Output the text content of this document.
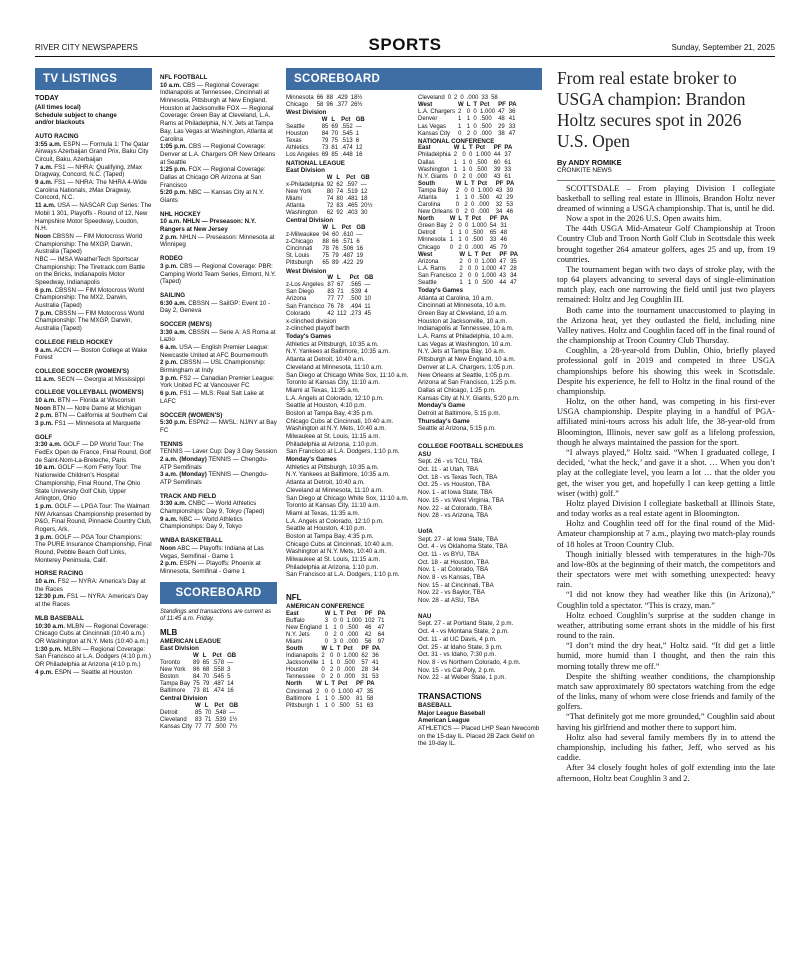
RIVER CITY NEWSPAPERS	SPORTS	Sunday, September 21, 2025
TV LISTINGS
TODAY
(All times local)
Schedule subject to change
and/or blackouts
AUTO RACING

3:55 a.m. ESPN — Formula 1: The Qatar Airways Azerbaijan Grand Prix, Baku City Circuit, Baku, Azerbaijan

7 a.m. FS1 — NHRA: Qualifying, zMax Dragway, Concord, N.C. (Taped)

9 a.m. FS1 — NHRA: The NHRA 4-Wide Carolina Nationals, zMax Dragway, Concord, N.C.

11 a.m. USA — NASCAR Cup Series: The Mobil 1 301, Playoffs - Round of 12, New Hampshire Motor Speedway, Loudon, N.H.

Noon CBSSN — FIM Motocross World Championship: The MXGP, Darwin, Australia (Taped)

NBC — IMSA WeatherTech Sportscar Championship: The Tiretrack.com Battle on the Bricks, Indianapolis Motor Speedway, Indianapolis

6 p.m. CBSSN — FIM Motocross World Championship: The MX2, Darwin, Australia (Taped)

7 p.m. CBSSN — FIM Motocross World Championship: The MXGP, Darwin, Australia (Taped)

COLLEGE FIELD HOCKEY

9 a.m. ACCN — Boston College at Wake Forest

COLLEGE SOCCER (WOMEN'S)

11 a.m. SECN — Georgia at Mississippi

COLLEGE VOLLEYBALL (WOMEN'S)

10 a.m. BTN — Florida at Wisconsin

Noon BTN — Notre Dame at Michigan

2 p.m. BTN — California at Southern Cal

3 p.m. FS1 — Minnesota at Marquette

GOLF

3:30 a.m. GOLF — DP World Tour: The FedEx Open de France, Final Round, Golf de Saint-Nom-La-Breteche, Paris

10 a.m. GOLF — Korn Ferry Tour: The Nationwide Children's Hospital Championship, Final Round, The Ohio State University Golf Club, Upper Arlington, Ohio

1 p.m. GOLF — LPGA Tour: The Walmart NW Arkansas Championship presented by P&G, Final Round, Pinnacle Country Club, Rogers, Ark.

3 p.m. GOLF — PGA Tour Champions: The PURE Insurance Championship, Final Round, Pebble Beach Golf Links, Monterey Peninsula, Calif.

HORSE RACING

10 a.m. FS2 — NYRA: America's Day at the Races

12:30 p.m. FS1 — NYRA: America's Day at the Races

MLB BASEBALL

10:30 a.m. MLBN — Regional Coverage: Chicago Cubs at Cincinnati (10:40 a.m.) OR Washington at N.Y. Mets (10:40 a.m.)

1:30 p.m. MLBN — Regional Coverage: San Francisco at L.A. Dodgers (4:10 p.m.) OR Philadelphia at Arizona (4:10 p.m.)

4 p.m. ESPN — Seattle at Houston

NFL FOOTBALL

10 a.m. CBS — Regional Coverage: Indianapolis at Tennessee, Cincinnati at Minnesota, Pittsburgh at New England, Houston at Jacksonville FOX — Regional Coverage: Green Bay at Cleveland, L.A. Rams at Philadelphia, N.Y. Jets at Tampa Bay, Las Vegas at Washington, Atlanta at Carolina

1:05 p.m. CBS — Regional Coverage: Denver at L.A. Chargers OR New Orleans at Seattle

1:25 p.m. FOX — Regional Coverage: Dallas at Chicago OR Arizona at San Francisco

5:20 p.m. NBC — Kansas City at N.Y. Giants

NHL HOCKEY

10 a.m. NHLN — Preseason: N.Y. Rangers at New Jersey

2 p.m. NHLN — Preseason: Minnesota at Winnipeg

RODEO

3 p.m. CBS — Regional Coverage: PBR: Camping World Team Series, Elmont, N.Y. (Taped)

SAILING

6:30 a.m. CBSSN — SailGP: Event 10 - Day 2, Geneva

SOCCER (MEN'S)

3:30 a.m. CBSSN — Serie A: AS Roma at Lazio

6 a.m. USA — English Premier League: Newcastle United at AFC Bournemouth

2 p.m. CBSSN — USL Championship: Birmingham at Indy

3 p.m. FS2 — Canadian Premier League: York United FC at Vancouver FC

6 p.m. FS1 — MLS: Real Salt Lake at LAFC

SOCCER (WOMEN'S)

5:30 p.m. ESPN2 — NWSL: NJ/NY at Bay FC

TENNIS

TENNIS — Laver Cup: Day 3 Day Session

2 a.m. (Monday) TENNIS — Chengdu- ATP Semifinals

3 a.m. (Monday) TENNIS — Chengdu- ATP Semifinals

TRACK AND FIELD

3:30 a.m. CNBC — World Athletics Championships: Day 9, Tokyo (Taped)

9 a.m. NBC — World Athletics Championships: Day 9, Tokyo

WNBA BASKETBALL

Noon ABC — Playoffs: Indiana at Las Vegas, Semifinal - Game 1

2 p.m. ESPN — Playoffs: Phoenix at Minnesota, Semifinal - Game 1

SCOREBOARD
Standings and transactions are current as of 11:45 a.m. Friday.
MLB
AMERICAN LEAGUE
East Division
	W	L	Pct	GB
Toronto	89	65	.578	—
New York	86	68	.558	3
Boston	84	70	.545	5
Tampa Bay	75	79	.487	14
Baltimore	73	81	.474	16
Central Division
	W	L	Pct	GB
Detroit	85	70	.548	—
Cleveland	83	71	.539	1½
Kansas City	77	77	.500	7½
SCOREBOARD
Minnesota	66	88	.429	18½
Chicago	58	96	.377	26½
West Division
	W	L	Pct	GB
Seattle	85	69	.552	—
Houston	84	70	.545	1
Texas	79	75	.513	6
Athletics	73	81	.474	12
Los Angeles	69	85	.448	16
NATIONAL LEAGUE
East Division
	W	L	Pct	GB
x-Philadelphia	92	62	.597	—
New York	80	74	.519	12
Miami	74	80	.481	18
Atlanta	72	83	.465	20½
Washington	62	92	.403	30
Central Division
	W	L	Pct	GB
z-Milwaukee	94	60	.610	—
z-Chicago	88	66	.571	6
Cincinnati	78	76	.506	16
St. Louis	75	79	.487	19
Pittsburgh	65	89	.422	29
West Division
	W	L	Pct	GB
z-Los Angeles	87	67	.565	—
San Diego	83	71	.539	4
Arizona	77	77	.500	10
San Francisco	76	78	.494	11
Colorado	42	112	.273	45
x-clinched division
z-clinched playoff berth
Today's Games
Athletics at Pittsburgh, 10:35 a.m.
N.Y. Yankees at Baltimore, 10:35 a.m.
Atlanta at Detroit, 10:40 a.m.
Cleveland at Minnesota, 11:10 a.m.
San Diego at Chicago White Sox, 11:10 a.m.
Toronto at Kansas City, 11:10 a.m.
Miami at Texas, 11:35 a.m.
L.A. Angels at Colorado, 12:10 p.m.
Seattle at Houston, 4:10 p.m.
Boston at Tampa Bay, 4:35 p.m.
Chicago Cubs at Cincinnati, 10:40 a.m.
Washington at N.Y. Mets, 10:40 a.m.
Milwaukee at St. Louis, 11:15 a.m.
Philadelphia at Arizona, 1:10 p.m.
San Francisco at L.A. Dodgers, 1:10 p.m.
Monday's Games
Athletics at Pittsburgh, 10:35 a.m.
N.Y. Yankees at Baltimore, 10:35 a.m.
Atlanta at Detroit, 10:40 a.m.
Cleveland at Minnesota, 11:10 a.m.
San Diego at Chicago White Sox, 11:10 a.m.
Toronto at Kansas City, 11:10 a.m.
Miami at Texas, 11:35 a.m.
L.A. Angels at Colorado, 12:10 p.m.
Seattle at Houston, 4:10 p.m.
Boston at Tampa Bay, 4:35 p.m.
Chicago Cubs at Cincinnati, 10:40 a.m.
Washington at N.Y. Mets, 10:40 a.m.
Milwaukee at St. Louis, 11:15 a.m.
Philadelphia at Arizona, 1:10 p.m.
San Francisco at L.A. Dodgers, 1:10 p.m.
NFL
AMERICAN CONFERENCE
East	W	L	T	Pct	PF	PA
Buffalo	3	0	0	1.000	102	71
New England	1	1	0	.500	46	47
N.Y. Jets	0	2	0	.000	42	64
Miami	0	3	0	.000	56	97
South	W	L	T	Pct	PF	PA
Indianapolis	2	0	0	1.000	62	36
Jacksonville	1	1	0	.500	57	41
Houston	0	2	0	.000	28	34
Tennessee	0	2	0	.000	31	53
North	W	L	T	Pct	PF	PA
Cincinnati	2	0	0	1.000	47	35
Baltimore	1	1	0	.500	81	58
Pittsburgh	1	1	0	.500	51	63
Cleveland	0	2	0	.000	33	58
West	W	L	T	Pct	PF	PA
L.A. Chargers	2	0	0	1.000	47	36
Denver	1	1	0	.500	48	41
Las Vegas	1	1	0	.500	29	33
Kansas City	0	2	0	.000	38	47
NATIONAL CONFERENCE
East	W	L	T	Pct	PF	PA
Philadelphia	2	0	0	1.000	44	37
Dallas	1	1	0	.500	60	61
Washington	1	1	0	.500	39	33
N.Y. Giants	0	2	0	.000	43	61
South	W	L	T	Pct	PF	PA
Tampa Bay	2	0	0	1.000	43	39
Atlanta	1	1	0	.500	42	29
Carolina	0	2	0	.000	32	53
New Orleans	0	2	0	.000	34	46
North	W	L	T	Pct	PF	PA
Green Bay	2	0	0	1.000	54	31
Detroit	1	1	0	.500	65	48
Minnesota	1	1	0	.500	33	46
Chicago	0	2	0	.000	45	79
West	W	L	T	Pct	PF	PA
Arizona	2	0	0	1.000	47	35
L.A. Rams	2	0	0	1.000	47	28
San Francisco	2	0	0	1.000	43	34
Seattle	1	1	0	.500	44	47
Today's Games
Atlanta at Carolina, 10 a.m.
Cincinnati at Minnesota, 10 a.m.
Green Bay at Cleveland, 10 a.m.
Houston at Jacksonville, 10 a.m.
Indianapolis at Tennessee, 10 a.m.
L.A. Rams at Philadelphia, 10 a.m.
Las Vegas at Washington, 10 a.m.
N.Y. Jets at Tampa Bay, 10 a.m.
Pittsburgh at New England, 10 a.m.
Denver at L.A. Chargers, 1:05 p.m.
New Orleans at Seattle, 1:05 p.m.
Arizona at San Francisco, 1:25 p.m.
Dallas at Chicago, 1:25 p.m.
Kansas City at N.Y. Giants, 5:20 p.m.
Monday's Game
Detroit at Baltimore, 5:15 p.m.
Thursday's Game
Seattle at Arizona, 5:15 p.m.
COLLEGE FOOTBALL SCHEDULES
ASU
Sept. 26 - vs TCU, TBA
Oct. 11 - at Utah, TBA
Oct. 18 - vs Texas Tech, TBA
Oct. 25 - vs Houston, TBA
Nov. 1 - at Iowa State, TBA
Nov. 15 - vs West Virginia, TBA
Nov. 22 - at Colorado, TBA
Nov. 28 - vs Arizona, TBA
UofA
Sept. 27 - at Iowa State, TBA
Oct. 4 - vs Oklahoma State, TBA
Oct. 11 - vs BYU, TBA
Oct. 18 - at Houston, TBA
Nov. 1 - at Colorado, TBA
Nov. 8 - vs Kansas, TBA
Nov. 15 - at Cincinnati, TBA
Nov. 22 - vs Baylor, TBA
Nov. 28 - at ASU, TBA
NAU
Sept. 27 - at Portland State, 2 p.m.
Oct. 4 - vs Montana State, 2 p.m.
Oct. 11 - at UC Davis, 4 p.m.
Oct. 25 - at Idaho State, 3 p.m.
Oct. 31 - vs Idaho, 7:30 p.m.
Nov. 8 - vs Northern Colorado, 4 p.m.
Nov. 15 - vs Cal Poly, 2 p.m.
Nov. 22 - at Weber State, 1 p.m.
TRANSACTIONS
BASEBALL
Major League Baseball
American League
ATHLETICS — Placed LHP Sean Newcomb on the 15-day IL. Placed 2B Zack Gelof on the 10-day IL.
From real estate broker to USGA champion: Brandon Holtz secures spot in 2026 U.S. Open
By ANDY ROMIKE
CRONKITE NEWS

SCOTTSDALE – From playing Division I collegiate basketball to selling real estate in Illinois, Brandon Holtz never dreamed of winning a USGA championship. That is, until he did.

Now a spot in the 2026 U.S. Open awaits him.

The 44th USGA Mid-Amateur Golf Championship at Troon Country Club and Troon North Golf Club in Scottsdale this week brought together 264 amateur golfers, ages 25 and up, from 19 countries.

The tournament began with two days of stroke play, with the top 64 players advancing to several days of single-elimination match play, each one narrowing the field until just two players remained: Holtz and Jeg Coughlin III.

Both came into the tournament unaccustomed to playing in the Arizona heat, yet they outlasted the field, including nine Valley natives. Holtz and Coughlin faced off in the final round of the championship at Troon Country Club Thursday.

Coughlin, a 28-year-old from Dublin, Ohio, briefly played professional golf in 2019 and competed in three USGA championships before his showing this week in Scottsdale. Despite his experience, he fell to Holtz in the final round of the championship.

Holtz, on the other hand, was competing in his first-ever USGA championship. Despite playing in a handful of PGA-affiliated mini-tours across his adult life, the 38-year-old from Bloomington, Illinois, never saw golf as a lifelong profession, though he always maintained the passion for the sport.

“I always played,” Holtz said. “When I graduated college, I decided, ‘what the heck,’ and gave it a shot. … When you don’t play at the collegiate level, you learn a lot … that the older you get, the wiser you get, and hopefully I can keep getting a little wiser (with) golf.”

Holtz played Division I collegiate basketball at Illinois State, and today works as a real estate agent in Bloomington.

Holtz and Coughlin teed off for the final round of the Mid-Amateur championship at 7 a.m., playing two match-play rounds of 18 holes at Troon Country Club.

Though initially blessed with temperatures in the high-70s and low-80s at the beginning of their match, the competitors and their spectators were met with something unexpected: heavy rain.

“I did not know they had weather like this (in Arizona),” Coughlin told a spectator. “This is crazy, man.”

Holtz echoed Coughlin’s surprise at the sudden change in weather, attributing some errant shots in the middle of his first round to the rain.

“I don’t mind the dry heat,” Holtz said. “It did get a little humid, more humid than I thought, and then the rain this morning totally threw me off.”

Despite the shifting weather conditions, the championship match saw approximately 80 spectators watching from the edge of the links, many of whom were close friends and family of the golfers.

“That definitely got me more grounded,” Coughlin said about having his girlfriend and mother there to support him.

Holtz also had several family members fly in to attend the championship, including his father, Jeff, who served as his caddie.

After 34 closely fought holes of golf extending into the late afternoon, Holtz beat Coughlin 3 and 2.
